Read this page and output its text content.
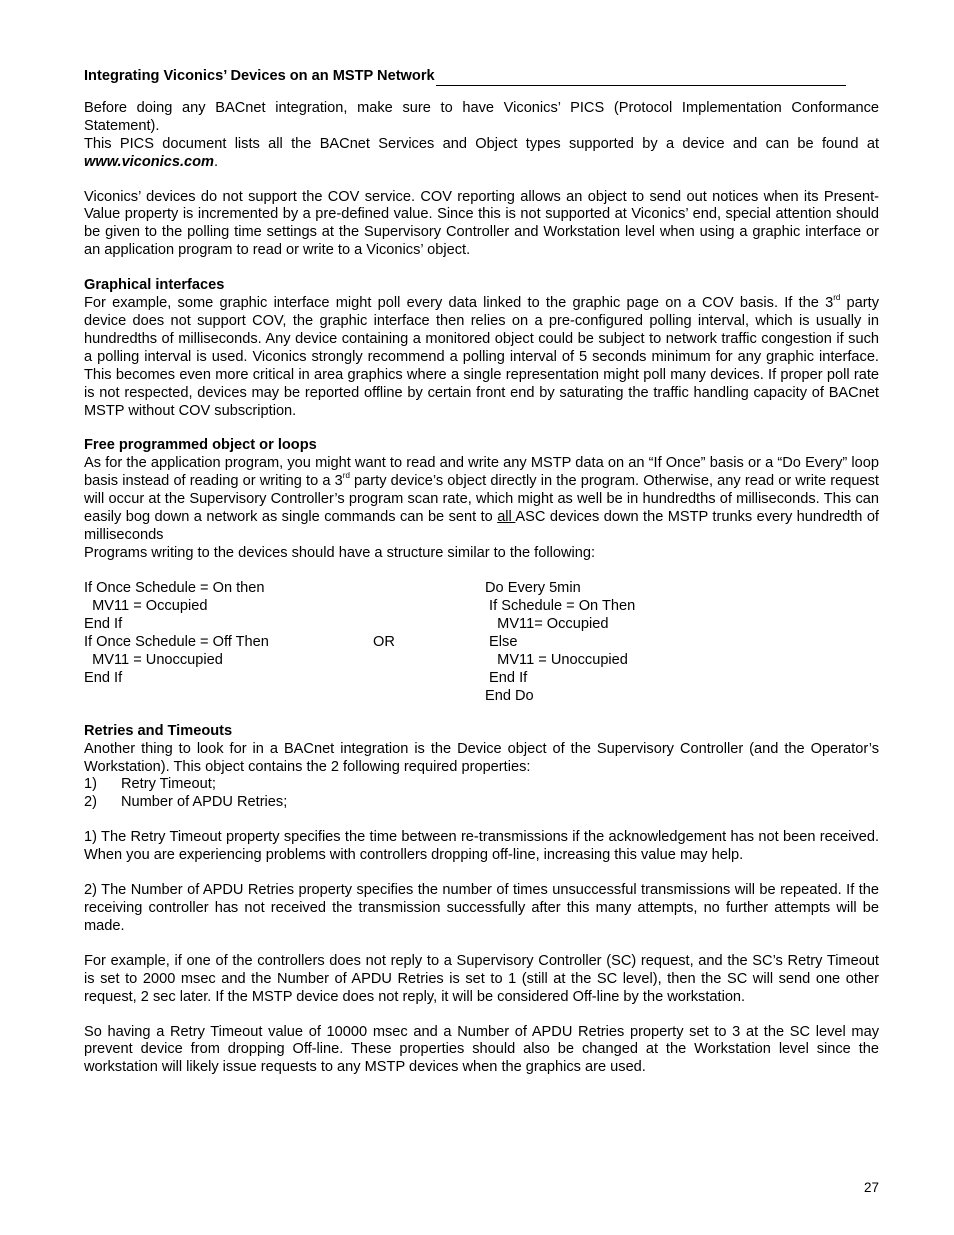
Integrating Viconics’ Devices on an MSTP Network

Before doing any BACnet integration, make sure to have Viconics’ PICS (Protocol Implementation Conformance Statement).

This PICS document lists all the BACnet Services and Object types supported by a device and can be found at www.viconics.com.

Viconics’ devices do not support the COV service. COV reporting allows an object to send out notices when its Present-Value property is incremented by a pre-defined value. Since this is not supported at Viconics’ end, special attention should be given to the polling time settings at the Supervisory Controller and Workstation level when using a graphic interface or an application program to read or write to a Viconics’ object.

Graphical interfaces

For example, some graphic interface might poll every data linked to the graphic page on a COV basis. If the 3rd party device does not support COV, the graphic interface then relies on a pre-configured polling interval, which is usually in hundredths of milliseconds. Any device containing a monitored object could be subject to network traffic congestion if such a polling interval is used. Viconics strongly recommend a polling interval of 5 seconds minimum for any graphic interface. This becomes even more critical in area graphics where a single representation might poll many devices. If proper poll rate is not respected, devices may be reported offline by certain front end by saturating the traffic handling capacity of BACnet MSTP without COV subscription.

Free programmed object or loops

As for the application program, you might want to read and write any MSTP data on an “If Once” basis or a “Do Every” loop basis instead of reading or writing to a 3rd party device’s object directly in the program. Otherwise, any read or write request will occur at the Supervisory Controller’s program scan rate, which might as well be in hundredths of milliseconds. This can easily bog down a network as single commands can be sent to all ASC devices down the MSTP trunks every hundredth of milliseconds

Programs writing to the devices should have a structure similar to the following:

If Once Schedule = On then
MV11 = Occupied
End If
If Once Schedule = Off Then
MV11 = Unoccupied
End If
OR
Do Every 5min
If Schedule = On Then
MV11= Occupied
Else
MV11 = Unoccupied
End If
End Do

Retries and Timeouts

Another thing to look for in a BACnet integration is the Device object of the Supervisory Controller (and the Operator’s Workstation). This object contains the 2 following required properties:

1)	Retry Timeout;
2)	Number of APDU Retries;

1) The Retry Timeout property specifies the time between re-transmissions if the acknowledgement has not been received. When you are experiencing problems with controllers dropping off-line, increasing this value may help.

2) The Number of APDU Retries property specifies the number of times unsuccessful transmissions will be repeated. If the receiving controller has not received the transmission successfully after this many attempts, no further attempts will be made.

For example, if one of the controllers does not reply to a Supervisory Controller (SC) request, and the SC’s Retry Timeout is set to 2000 msec and the Number of APDU Retries is set to 1 (still at the SC level), then the SC will send one other request, 2 sec later. If the MSTP device does not reply, it will be considered Off-line by the workstation.

So having a Retry Timeout value of 10000 msec and a Number of APDU Retries property set to 3 at the SC level may prevent device from dropping Off-line. These properties should also be changed at the Workstation level since the workstation will likely issue requests to any MSTP devices when the graphics are used.

27
